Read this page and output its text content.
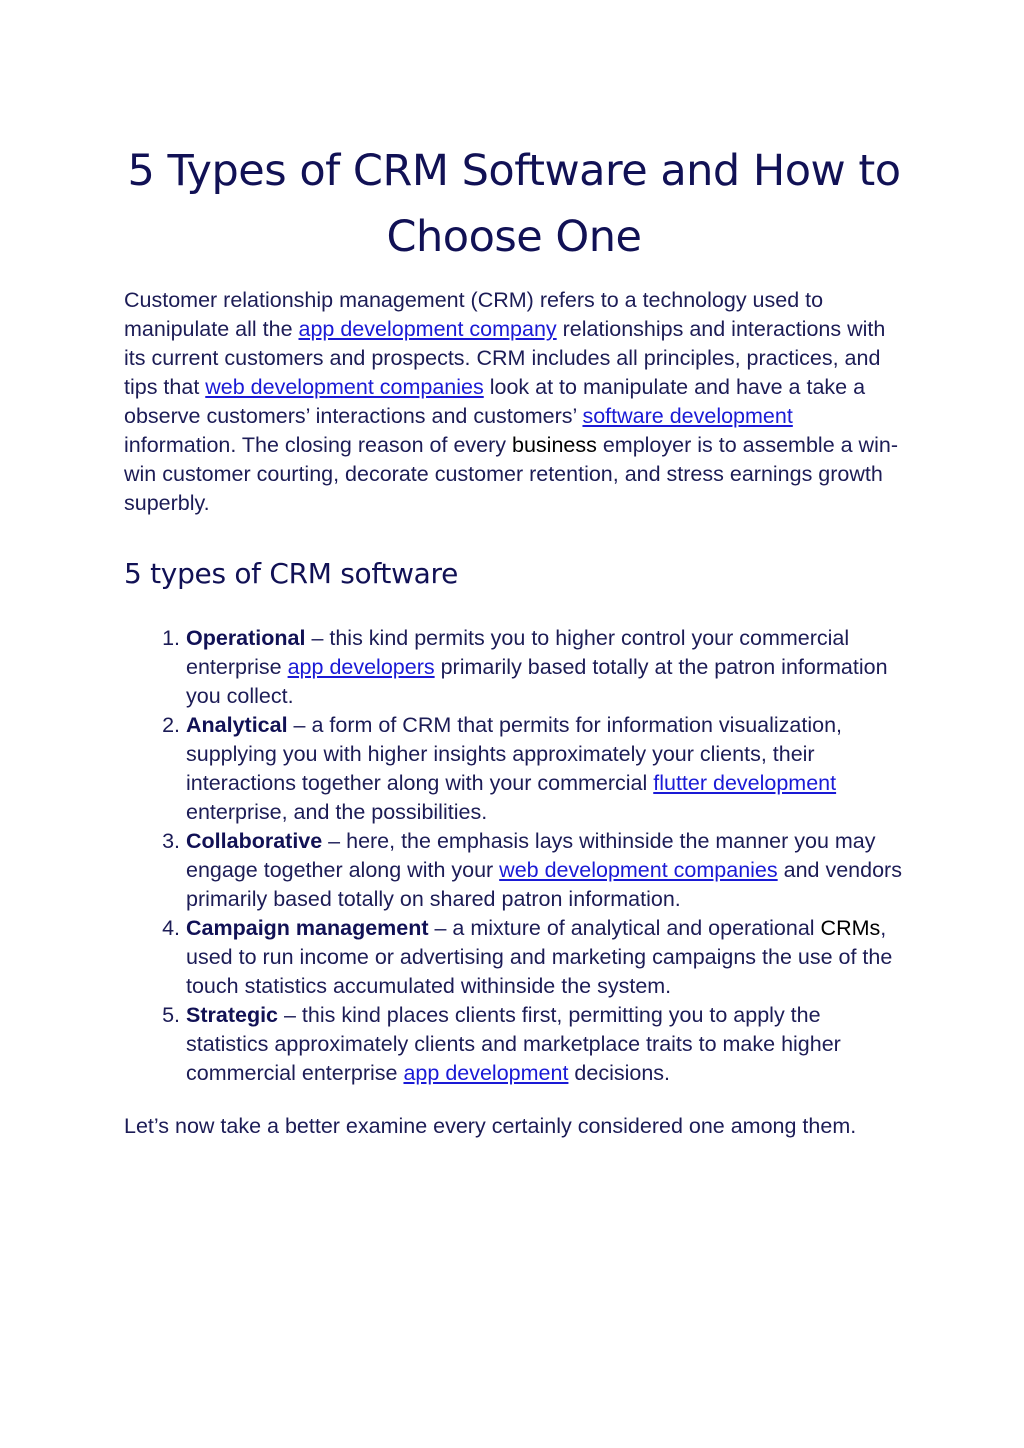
5 Types of CRM Software and How to Choose One

Customer relationship management (CRM) refers to a technology used to manipulate all the app development company relationships and interactions with its current customers and prospects. CRM includes all principles, practices, and tips that web development companies look at to manipulate and have a take a observe customers’ interactions and customers’ software development information. The closing reason of every business employer is to assemble a win-win customer courting, decorate customer retention, and stress earnings growth superbly.

5 types of CRM software
1. Operational – this kind permits you to higher control your commercial enterprise app developers primarily based totally at the patron information you collect.
2. Analytical – a form of CRM that permits for information visualization, supplying you with higher insights approximately your clients, their interactions together along with your commercial flutter development enterprise, and the possibilities.
3. Collaborative – here, the emphasis lays withinside the manner you may engage together along with your web development companies and vendors primarily based totally on shared patron information.
4. Campaign management – a mixture of analytical and operational CRMs, used to run income or advertising and marketing campaigns the use of the touch statistics accumulated withinside the system.
5. Strategic – this kind places clients first, permitting you to apply the statistics approximately clients and marketplace traits to make higher commercial enterprise app development decisions.

Let’s now take a better examine every certainly considered one among them.
